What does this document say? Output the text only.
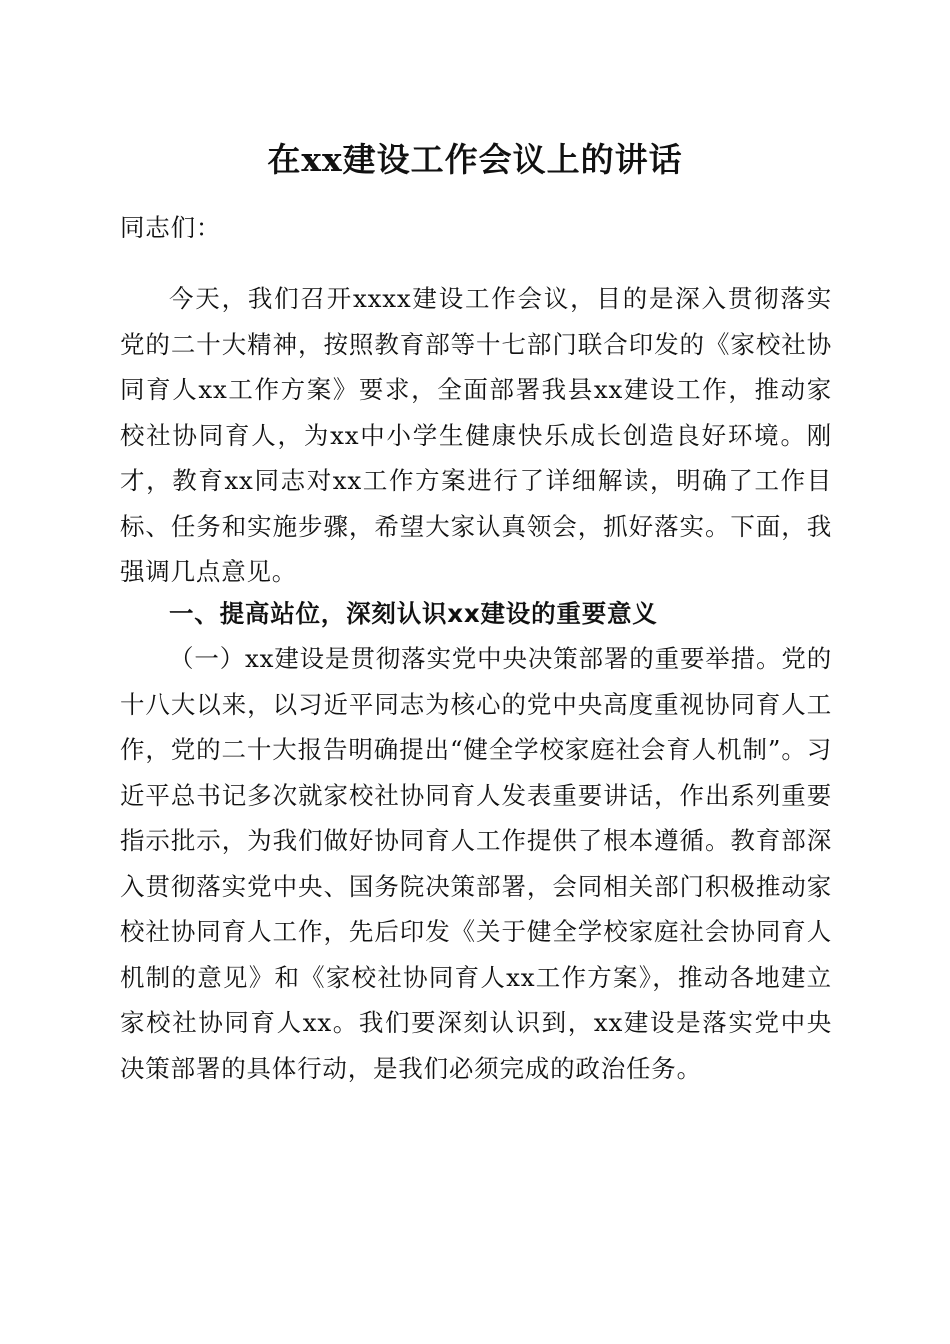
在xx建设工作会议上的讲话
同志们：
今天，我们召开xxxx建设工作会议，目的是深入贯彻落实党的二十大精神，按照教育部等十七部门联合印发的《家校社协同育人xx工作方案》要求，全面部署我县xx建设工作，推动家校社协同育人，为xx中小学生健康快乐成长创造良好环境。刚才，教育xx同志对xx工作方案进行了详细解读，明确了工作目标、任务和实施步骤，希望大家认真领会，抓好落实。下面，我强调几点意见。
一、提高站位，深刻认识xx建设的重要意义
（一）xx建设是贯彻落实党中央决策部署的重要举措。党的十八大以来，以习近平同志为核心的党中央高度重视协同育人工作，党的二十大报告明确提出“健全学校家庭社会育人机制”。习近平总书记多次就家校社协同育人发表重要讲话，作出系列重要指示批示，为我们做好协同育人工作提供了根本遵循。教育部深入贯彻落实党中央、国务院决策部署，会同相关部门积极推动家校社协同育人工作，先后印发《关于健全学校家庭社会协同育人机制的意见》和《家校社协同育人xx工作方案》，推动各地建立家校社协同育人xx。我们要深刻认识到，xx建设是落实党中央决策部署的具体行动，是我们必须完成的政治任务。
